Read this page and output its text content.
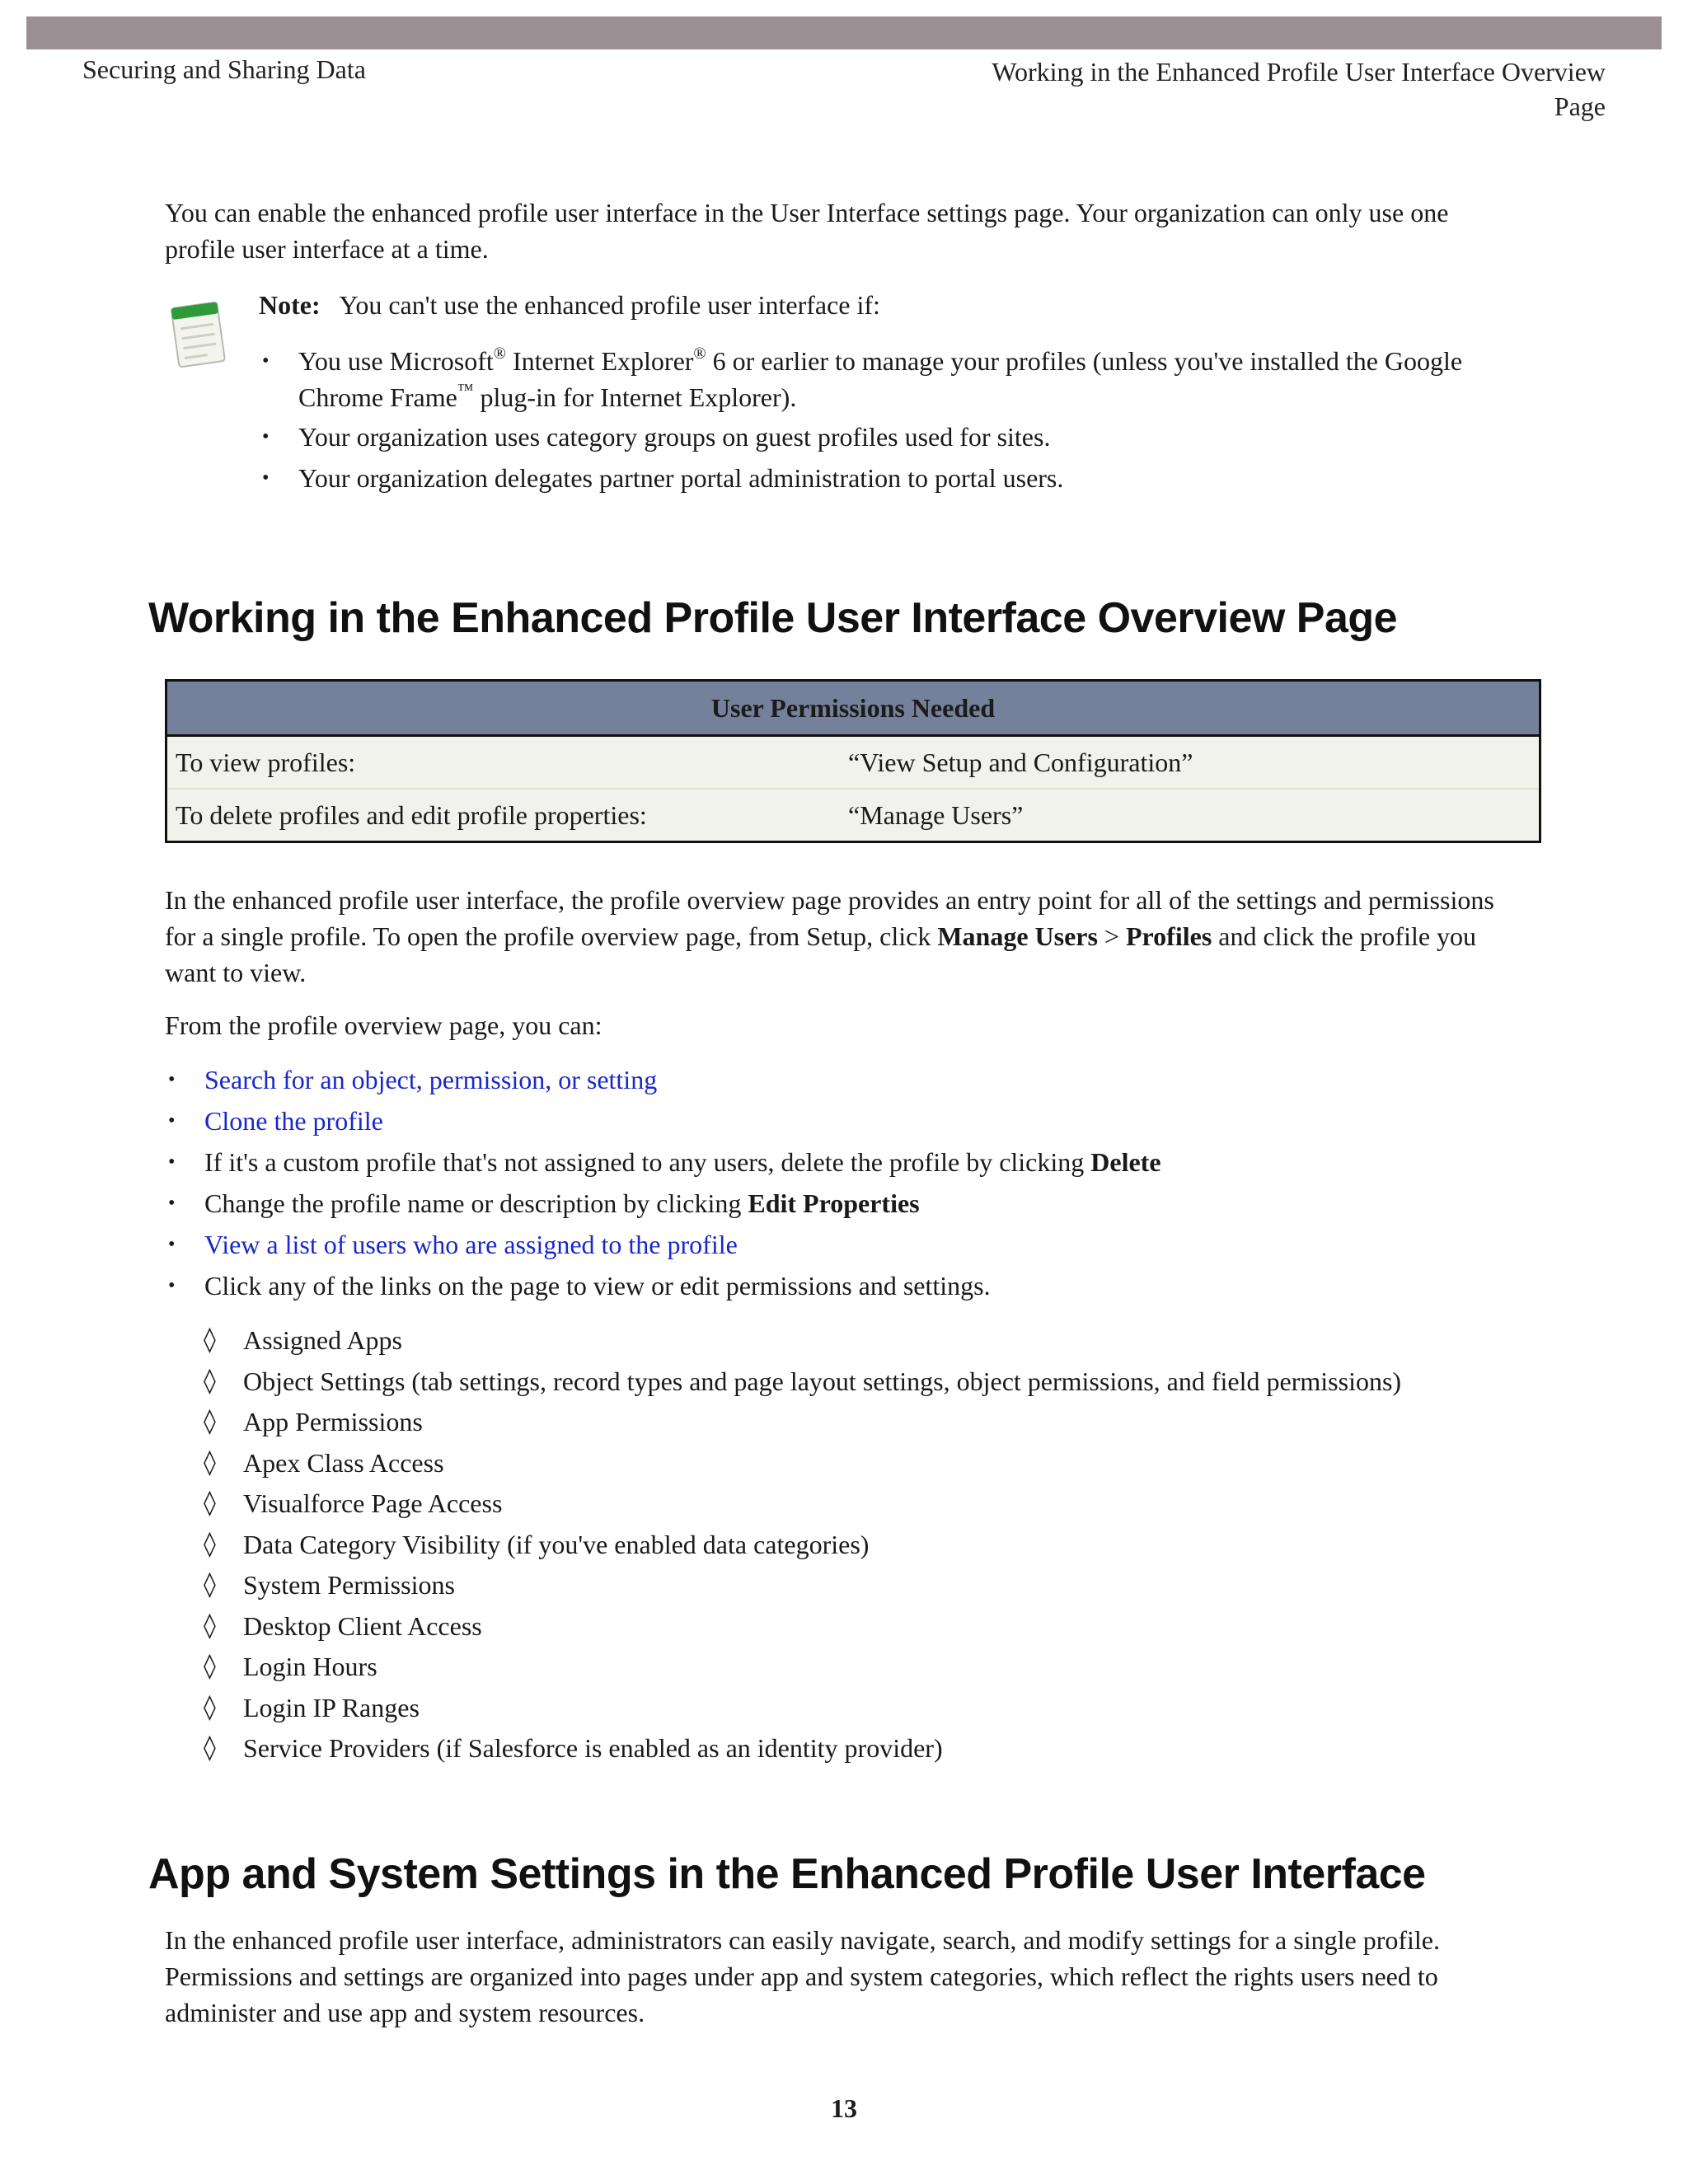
Securing and Sharing Data	Working in the Enhanced Profile User Interface Overview
Page

You can enable the enhanced profile user interface in the User Interface settings page. Your organization can only use one

profile user interface at a time.

Note: You can't use the enhanced profile user interface if:
• You use Microsoft® Internet Explorer® 6 or earlier to manage your profiles (unless you've installed the Google
Chrome Frame™ plug-in for Internet Explorer).
• Your organization uses category groups on guest profiles used for sites.
• Your organization delegates partner portal administration to portal users.
Working in the Enhanced Profile User Interface Overview Page
User Permissions Needed	
To view profiles:	“View Setup and Configuration”
To delete profiles and edit profile properties:	“Manage Users”

In the enhanced profile user interface, the profile overview page provides an entry point for all of the settings and permissions

for a single profile. To open the profile overview page, from Setup, click Manage Users > Profiles and click the profile you

want to view.

From the profile overview page, you can:

• Search for an object, permission, or setting
• Clone the profile
• If it's a custom profile that's not assigned to any users, delete the profile by clicking Delete
• Change the profile name or description by clicking Edit Properties
• View a list of users who are assigned to the profile
• Click any of the links on the page to view or edit permissions and settings.
◊ Assigned Apps
◊ Object Settings (tab settings, record types and page layout settings, object permissions, and field permissions)
◊ App Permissions
◊ Apex Class Access
◊ Visualforce Page Access
◊ Data Category Visibility (if you've enabled data categories)
◊ System Permissions
◊ Desktop Client Access
◊ Login Hours
◊ Login IP Ranges
◊ Service Providers (if Salesforce is enabled as an identity provider)
App and System Settings in the Enhanced Profile User Interface

In the enhanced profile user interface, administrators can easily navigate, search, and modify settings for a single profile.

Permissions and settings are organized into pages under app and system categories, which reflect the rights users need to

administer and use app and system resources.

13
